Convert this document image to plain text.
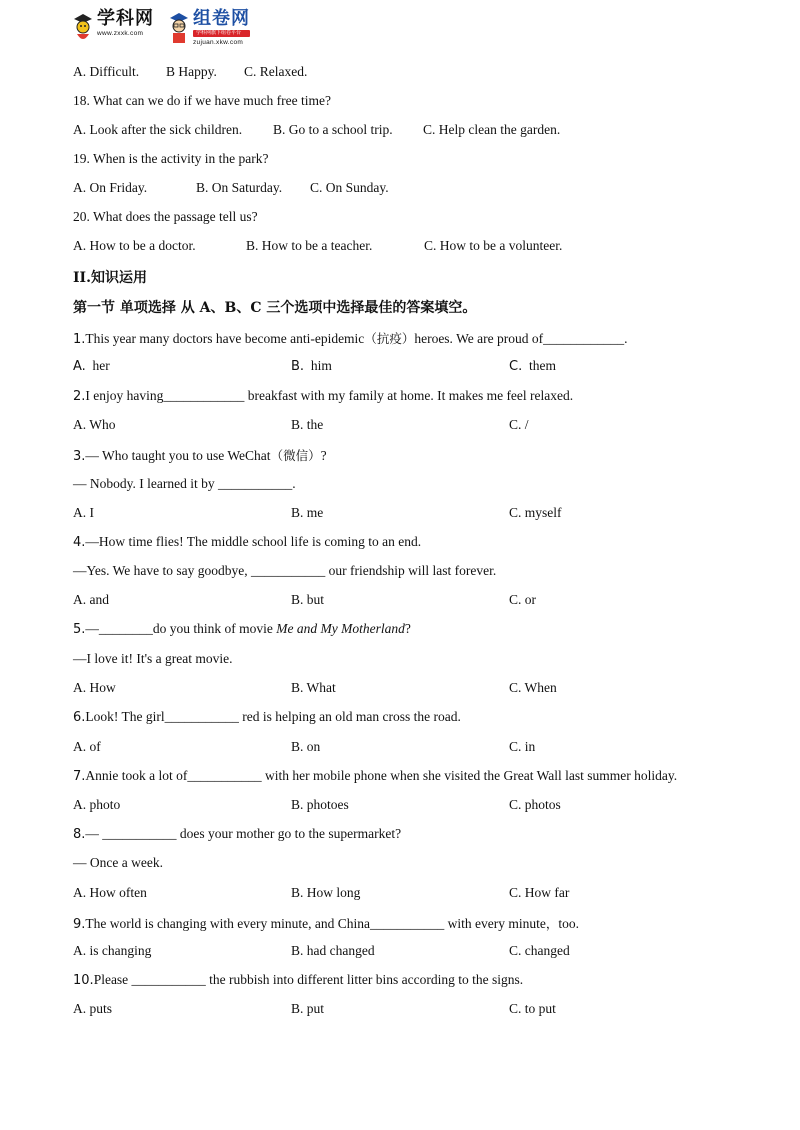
学科网
www.zxxk.com
组卷网
学科网旗下组卷平台
zujuan.xkw.com
A. Difficult. B Happy. C. Relaxed.
18. What can we do if we have much free time?
A. Look after the sick children. B. Go to a school trip. C. Help clean the garden.
19. When is the activity in the park?
A. On Friday.	B. On Saturday. C. On Sunday.
20. What does the passage tell us?
A. How to be a doctor.	B. How to be a teacher.	C. How to be a volunteer.
II.知识运用
第一节 单项选择 从 A、B、C 三个选项中选择最佳的答案填空。
1.This year many doctors have become anti-epidemic（抗疫）heroes. We are proud of____________.
A. her	B. him	C. them
2.I enjoy having____________ breakfast with my family at home. It makes me feel relaxed.
A. Who	B. the	C. /
3.— Who taught you to use WeChat（微信）?
— Nobody. I learned it by ___________.
A. I	B. me	C. myself
4.—How time flies! The middle school life is coming to an end.
—Yes. We have to say goodbye, ___________ our friendship will last forever.
A. and	B. but	C. or
5.—________do you think of movie Me and My Motherland?
—I love it! It's a great movie.
A. How	B. What	C. When
6.Look! The girl___________ red is helping an old man cross the road.
A. of	B. on	C. in
7.Annie took a lot of___________ with her mobile phone when she visited the Great Wall last summer holiday.
A. photo	B. photoes	C. photos
8.— ___________ does your mother go to the supermarket?
— Once a week.
A. How often	B. How long	C. How far
9.The world is changing with every minute, and China___________ with every minute，too.
A. is changing	B. had changed	C. changed
10.Please ___________ the rubbish into different litter bins according to the signs.
A. puts	B. put	C. to put
